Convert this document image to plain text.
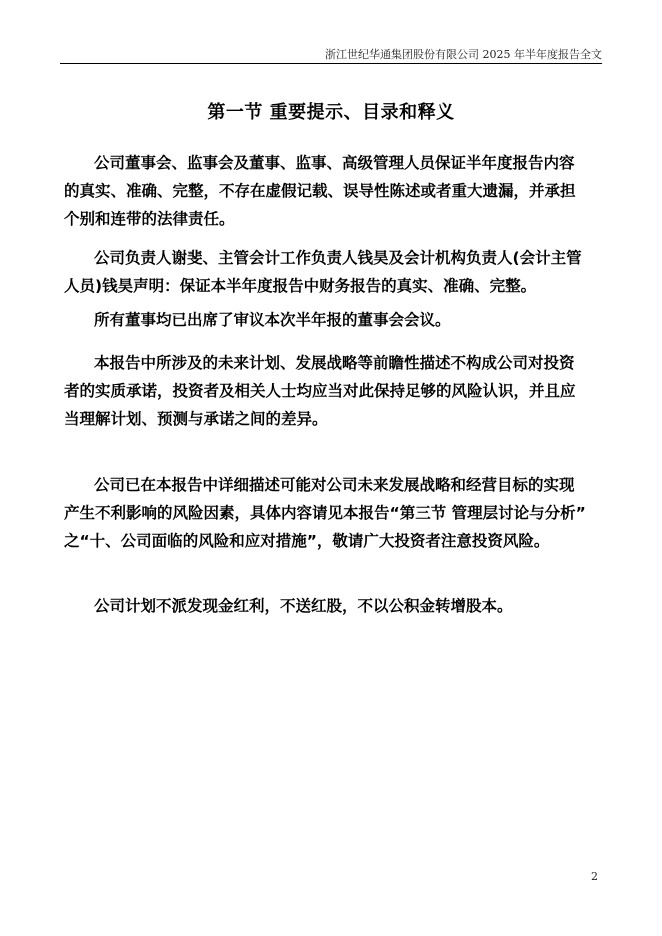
浙江世纪华通集团股份有限公司 2025 年半年度报告全文
第一节 重要提示、目录和释义
公司董事会、监事会及董事、监事、高级管理人员保证半年度报告内容
的真实、准确、完整，不存在虚假记载、误导性陈述或者重大遗漏，并承担
个别和连带的法律责任。
公司负责人谢斐、主管会计工作负责人钱昊及会计机构负责人(会计主管
人员)钱昊声明：保证本半年度报告中财务报告的真实、准确、完整。
所有董事均已出席了审议本次半年报的董事会会议。
本报告中所涉及的未来计划、发展战略等前瞻性描述不构成公司对投资
者的实质承诺，投资者及相关人士均应当对此保持足够的风险认识，并且应
当理解计划、预测与承诺之间的差异。
公司已在本报告中详细描述可能对公司未来发展战略和经营目标的实现
产生不利影响的风险因素，具体内容请见本报告“第三节 管理层讨论与分析”
之“十、公司面临的风险和应对措施”，敬请广大投资者注意投资风险。
公司计划不派发现金红利，不送红股，不以公积金转增股本。
2
